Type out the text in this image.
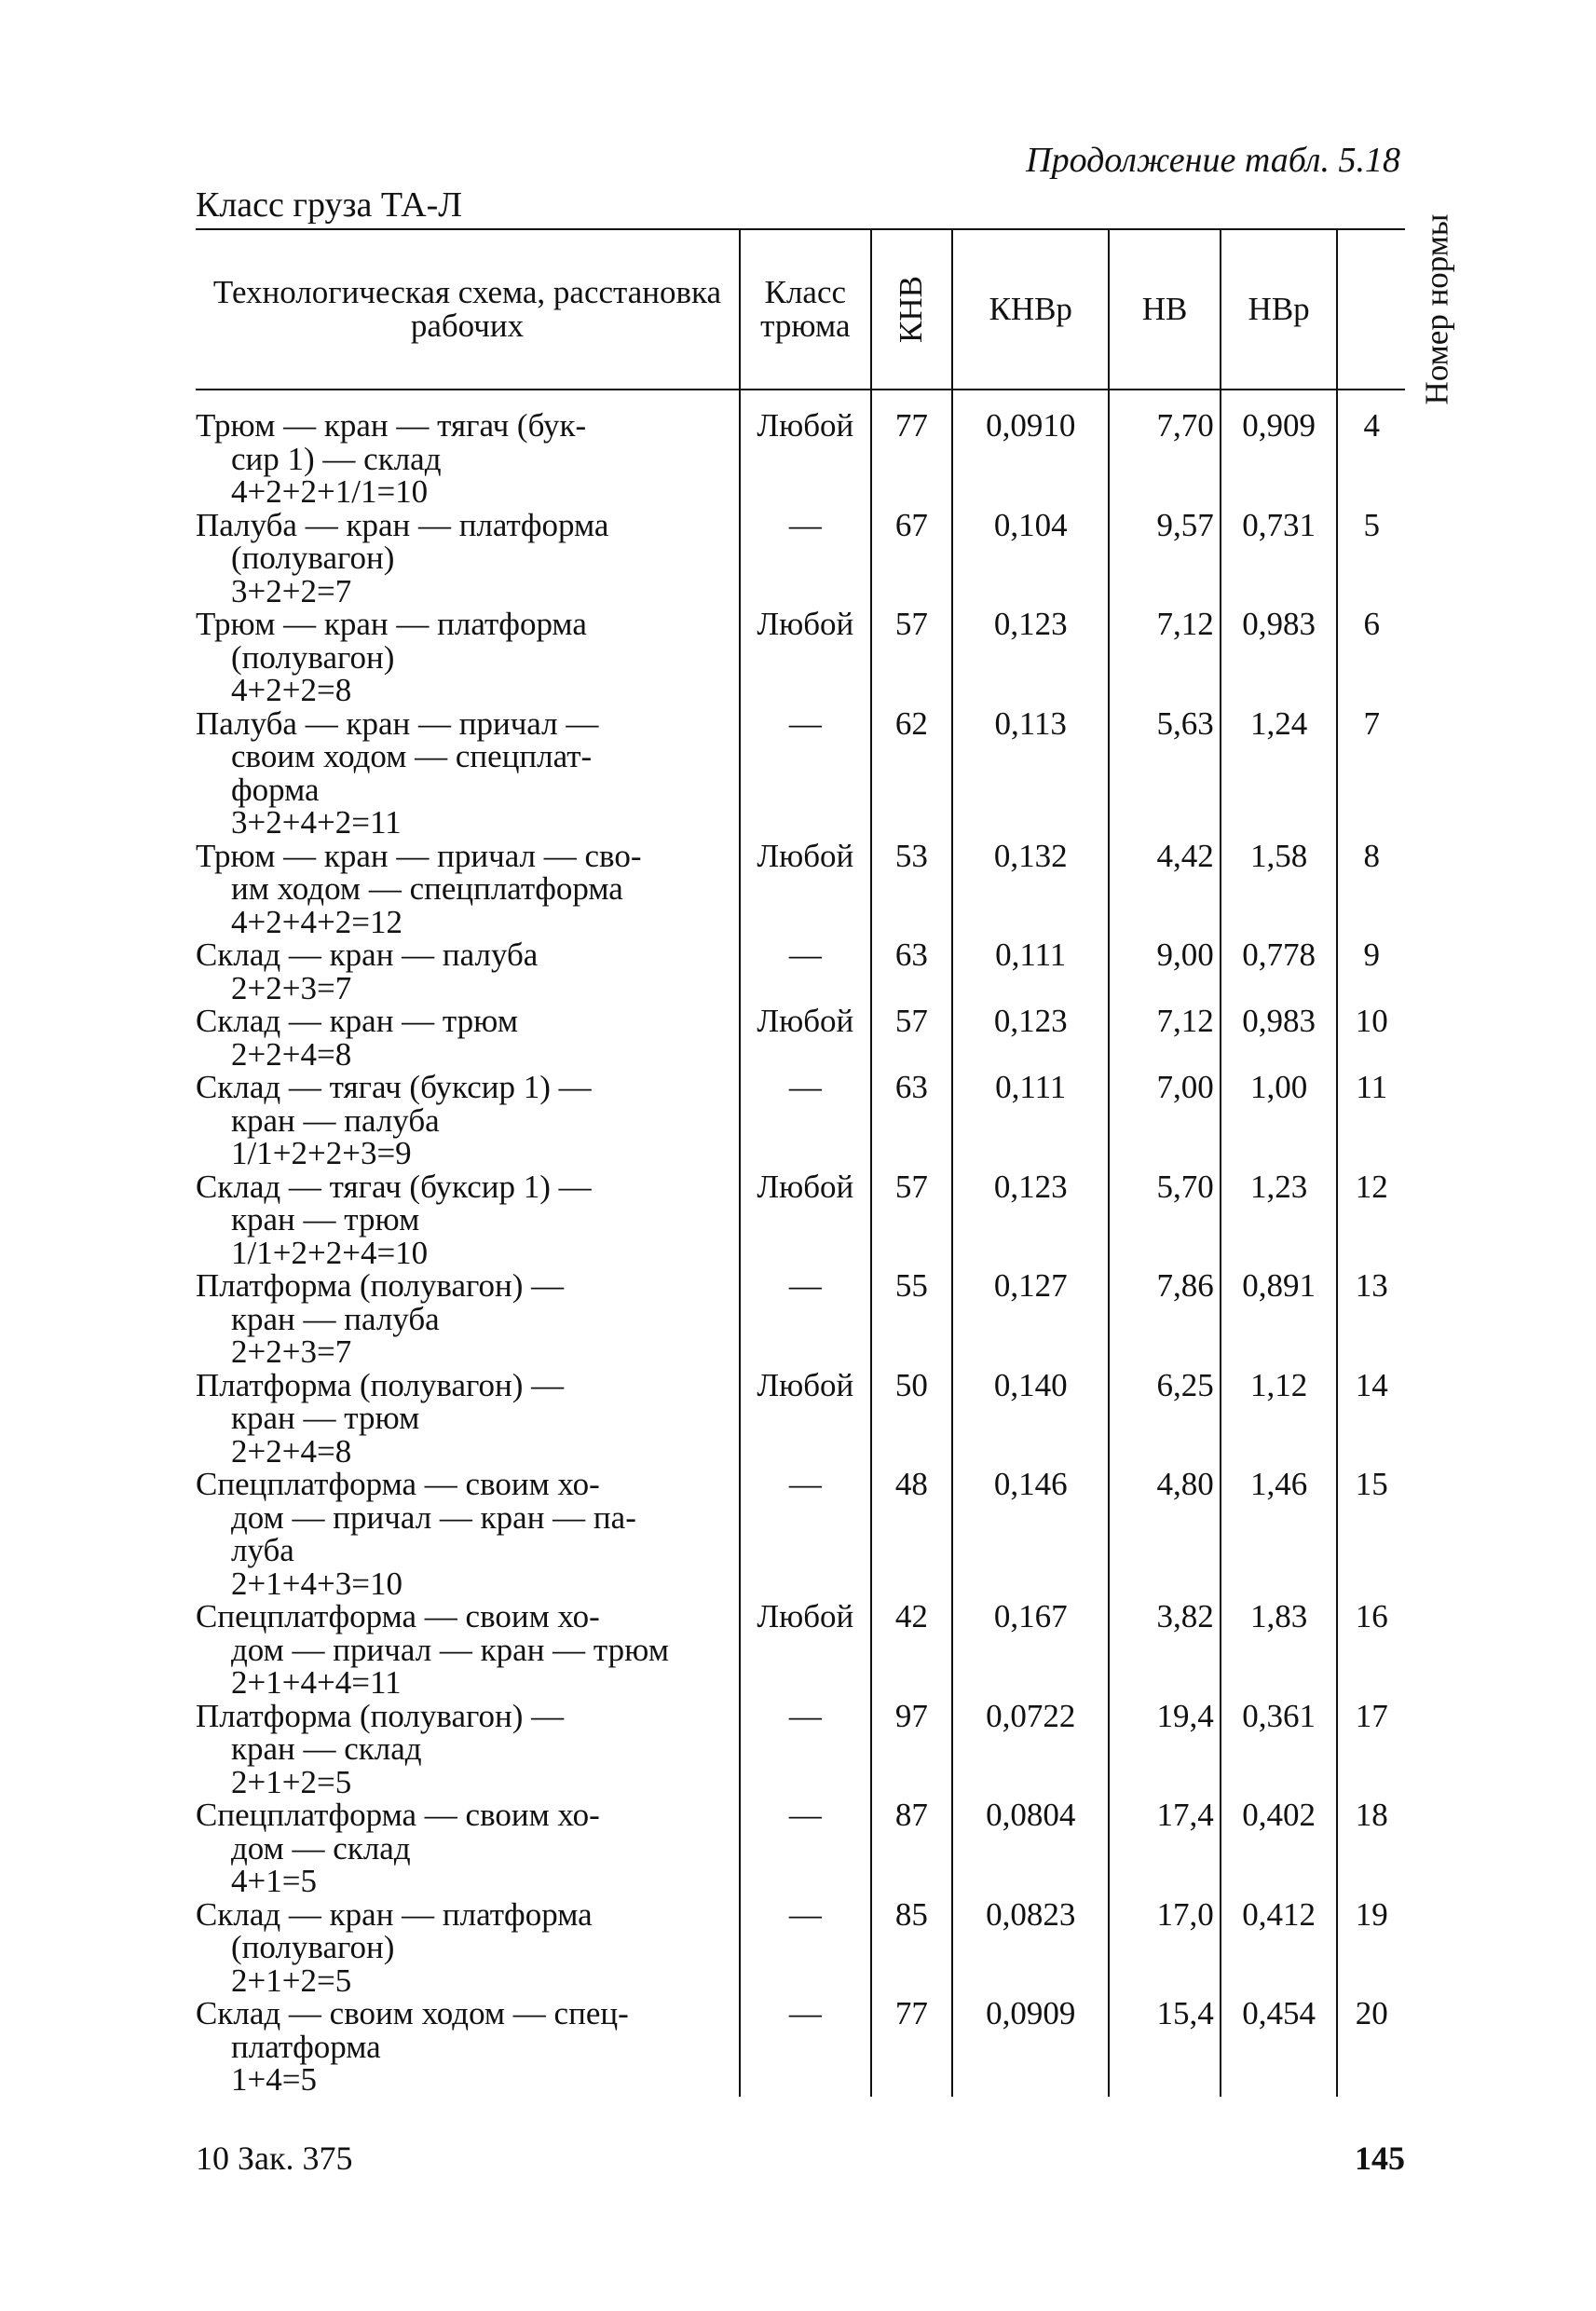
Продолжение табл. 5.18
Класс груза ТА-Л
Технологическая схема, расстановка рабочих	Класс трюма	КНВ	КНВр	НВ	НВр	Номер нормы

Трюм — кран — тягач (бук-
сир 1) — склад
4+2+2+1/1=10	Любой	77	0,0910	7,70	0,909	4

Палуба — кран — платформа
(полувагон)
3+2+2=7	—	67	0,104	9,57	0,731	5

Трюм — кран — платформа
(полувагон)
4+2+2=8	Любой	57	0,123	7,12	0,983	6

Палуба — кран — причал —
своим ходом — спецплат-
форма
3+2+4+2=11	—	62	0,113	5,63	1,24	7

Трюм — кран — причал — сво-
им ходом — спецплатформа
4+2+4+2=12	Любой	53	0,132	4,42	1,58	8

Склад — кран — палуба
2+2+3=7	—	63	0,111	9,00	0,778	9

Склад — кран — трюм
2+2+4=8	Любой	57	0,123	7,12	0,983	10

Склад — тягач (буксир 1) —
кран — палуба
1/1+2+2+3=9	—	63	0,111	7,00	1,00	11

Склад — тягач (буксир 1) —
кран — трюм
1/1+2+2+4=10	Любой	57	0,123	5,70	1,23	12

Платформа (полувагон) —
кран — палуба
2+2+3=7	—	55	0,127	7,86	0,891	13

Платформа (полувагон) —
кран — трюм
2+2+4=8	Любой	50	0,140	6,25	1,12	14

Спецплатформа — своим хо-
дом — причал — кран — па-
луба
2+1+4+3=10	—	48	0,146	4,80	1,46	15

Спецплатформа — своим хо-
дом — причал — кран — трюм
2+1+4+4=11	Любой	42	0,167	3,82	1,83	16

Платформа (полувагон) —
кран — склад
2+1+2=5	—	97	0,0722	19,4	0,361	17

Спецплатформа — своим хо-
дом — склад
4+1=5	—	87	0,0804	17,4	0,402	18

Склад — кран — платформа
(полувагон)
2+1+2=5	—	85	0,0823	17,0	0,412	19

Склад — своим ходом — спец-
платформа
1+4=5	—	77	0,0909	15,4	0,454	20
10 Зак. 375	145
